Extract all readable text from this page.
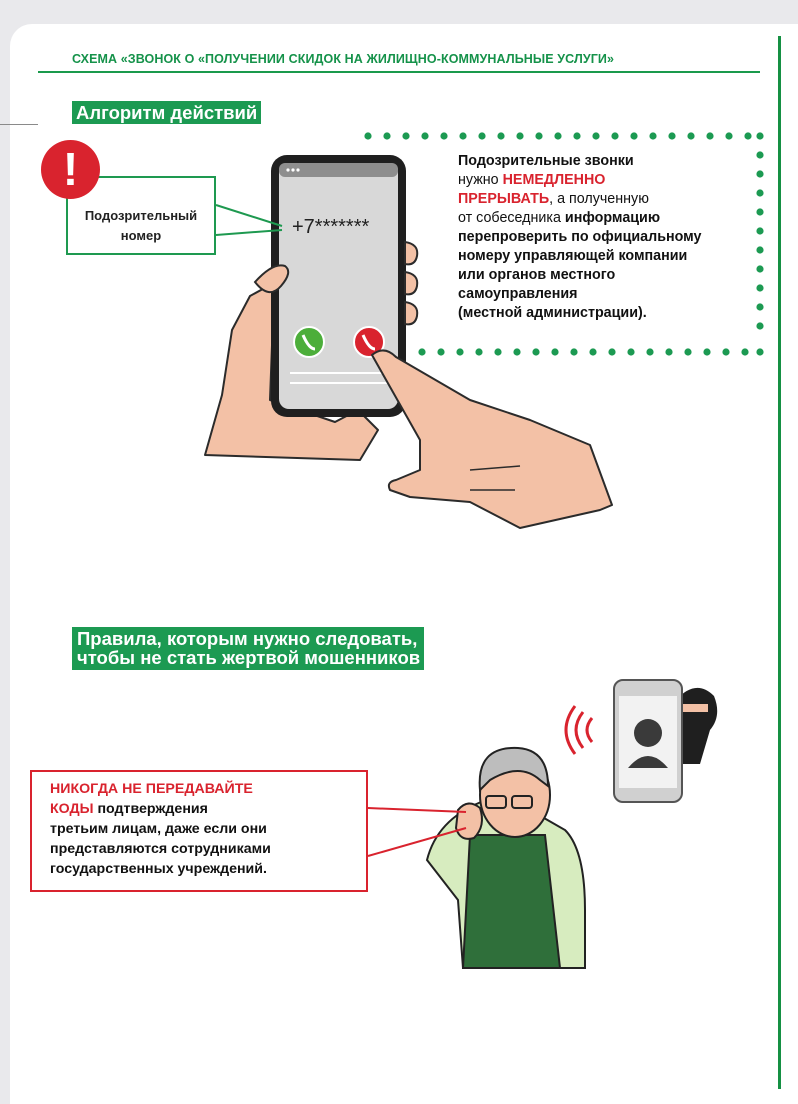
СХЕМА «ЗВОНОК О «ПОЛУЧЕНИИ СКИДОК НА ЖИЛИЩНО-КОММУНАЛЬНЫЕ УСЛУГИ»
Алгоритм действий
Подозрительные звонки
нужно НЕМЕДЛЕННО
ПРЕРЫВАТЬ, а полученную
от собеседника информацию
перепроверить по официальному
номеру управляющей компании
или органов местного
самоуправления
(местной администрации).
Подозрительный
номер
!
+7*******
Правила, которым нужно следовать,
чтобы не стать жертвой мошенников
НИКОГДА НЕ ПЕРЕДАВАЙТЕ
КОДЫ подтверждения
третьим лицам, даже если они
представляются сотрудниками
государственных учреждений.
